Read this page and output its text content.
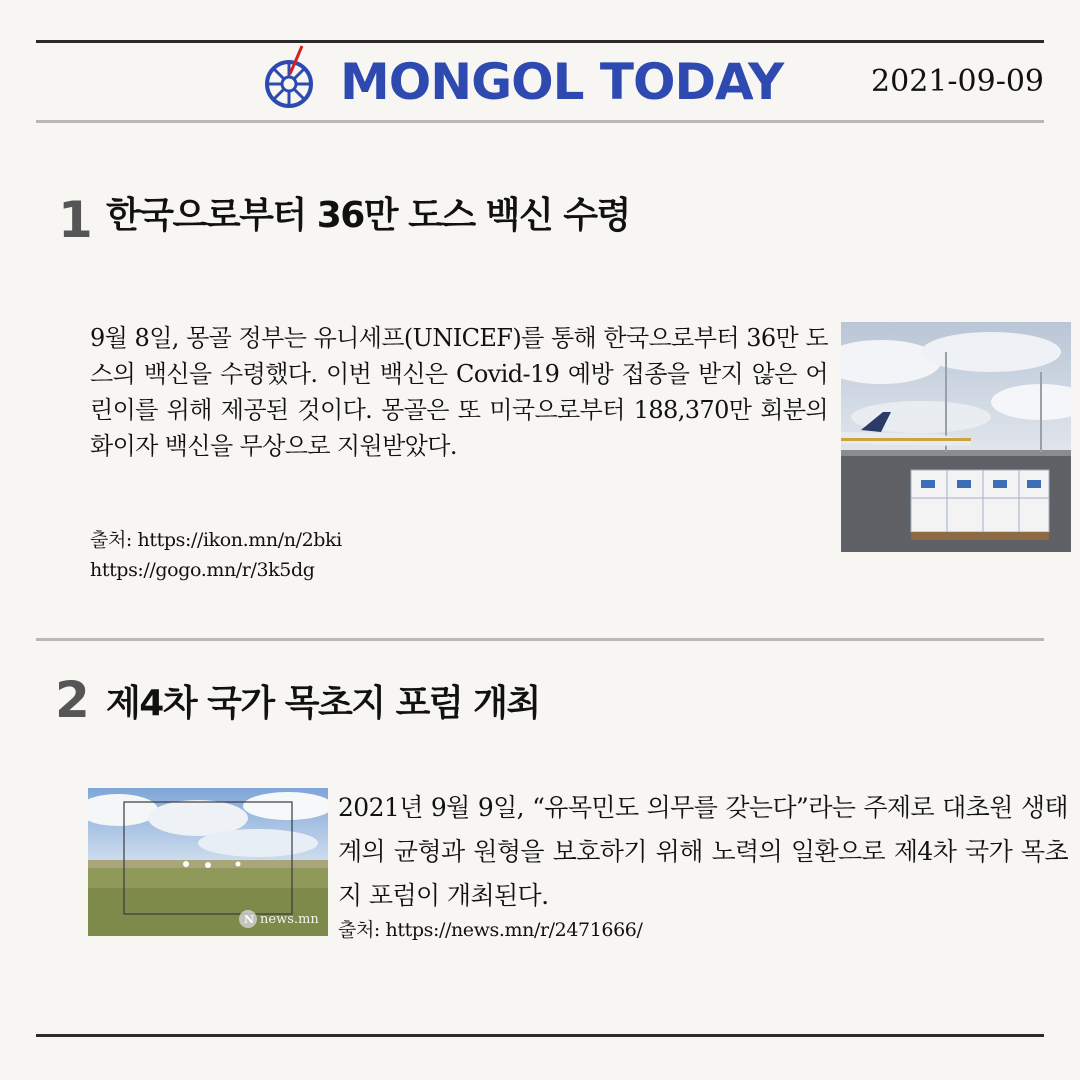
MONGOL TODAY	2021-09-09
1 한국으로부터 36만 도스 백신 수령
9월 8일, 몽골 정부는 유니세프(UNICEF)를 통해 한국으로부터 36만 도스의 백신을 수령했다. 이번 백신은 Covid-19 예방 접종을 받지 않은 어린이를 위해 제공된 것이다. 몽골은 또 미국으로부터 188,370만 회분의 화이자 백신을 무상으로 지원받았다.
출처: https://ikon.mn/n/2bki
https://gogo.mn/r/3k5dg
2 제4차 국가 목초지 포럼 개최
N news.mn
2021년 9월 9일, “유목민도 의무를 갖는다”라는 주제로 대초원 생태계의 균형과 원형을 보호하기 위해 노력의 일환으로 제4차 국가 목초지 포럼이 개최된다.
출처: https://news.mn/r/2471666/
